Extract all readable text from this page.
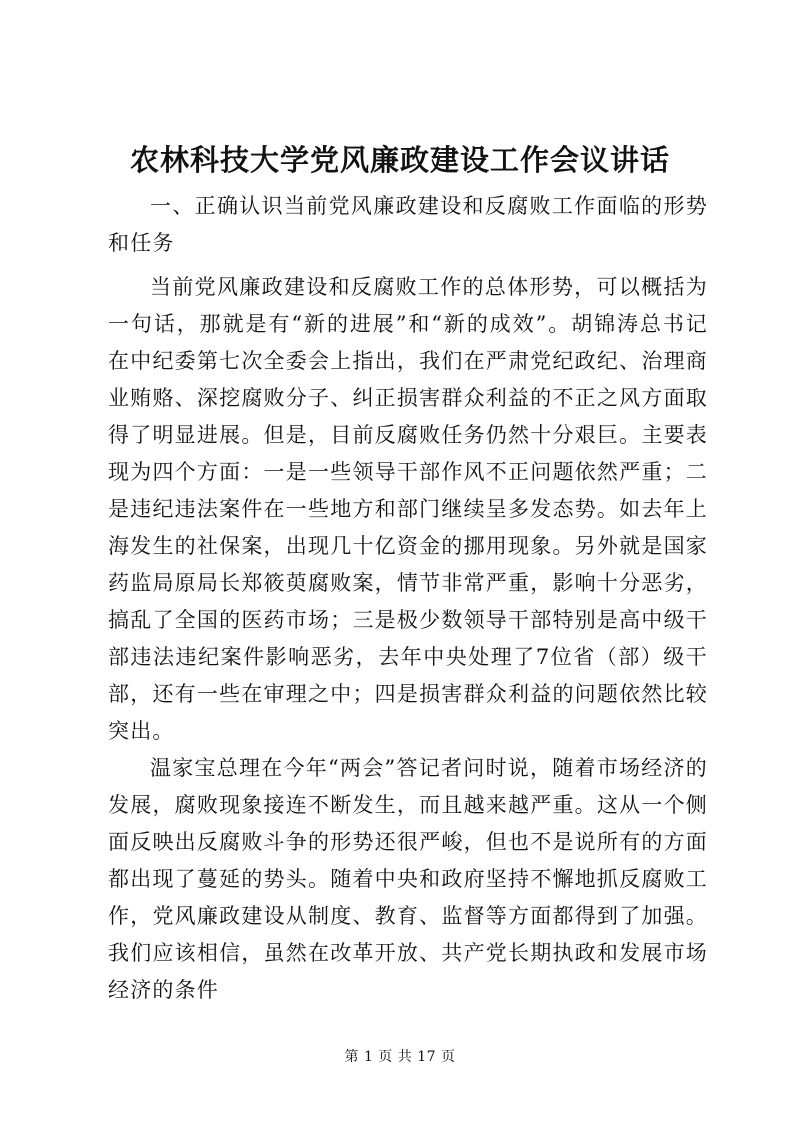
农林科技大学党风廉政建设工作会议讲话

一、正确认识当前党风廉政建设和反腐败工作面临的形势和任务

当前党风廉政建设和反腐败工作的总体形势，可以概括为一句话，那就是有“新的进展”和“新的成效”。胡锦涛总书记在中纪委第七次全委会上指出，我们在严肃党纪政纪、治理商业贿赂、深挖腐败分子、纠正损害群众利益的不正之风方面取得了明显进展。但是，目前反腐败任务仍然十分艰巨。主要表现为四个方面：一是一些领导干部作风不正问题依然严重；二是违纪违法案件在一些地方和部门继续呈多发态势。如去年上海发生的社保案，出现几十亿资金的挪用现象。另外就是国家药监局原局长郑筱萸腐败案，情节非常严重，影响十分恶劣，搞乱了全国的医药市场；三是极少数领导干部特别是高中级干部违法违纪案件影响恶劣，去年中央处理了7位省（部）级干部，还有一些在审理之中；四是损害群众利益的问题依然比较突出。

温家宝总理在今年“两会”答记者问时说，随着市场经济的发展，腐败现象接连不断发生，而且越来越严重。这从一个侧面反映出反腐败斗争的形势还很严峻，但也不是说所有的方面都出现了蔓延的势头。随着中央和政府坚持不懈地抓反腐败工作，党风廉政建设从制度、教育、监督等方面都得到了加强。我们应该相信，虽然在改革开放、共产党长期执政和发展市场经济的条件

第 1 页 共 17 页
